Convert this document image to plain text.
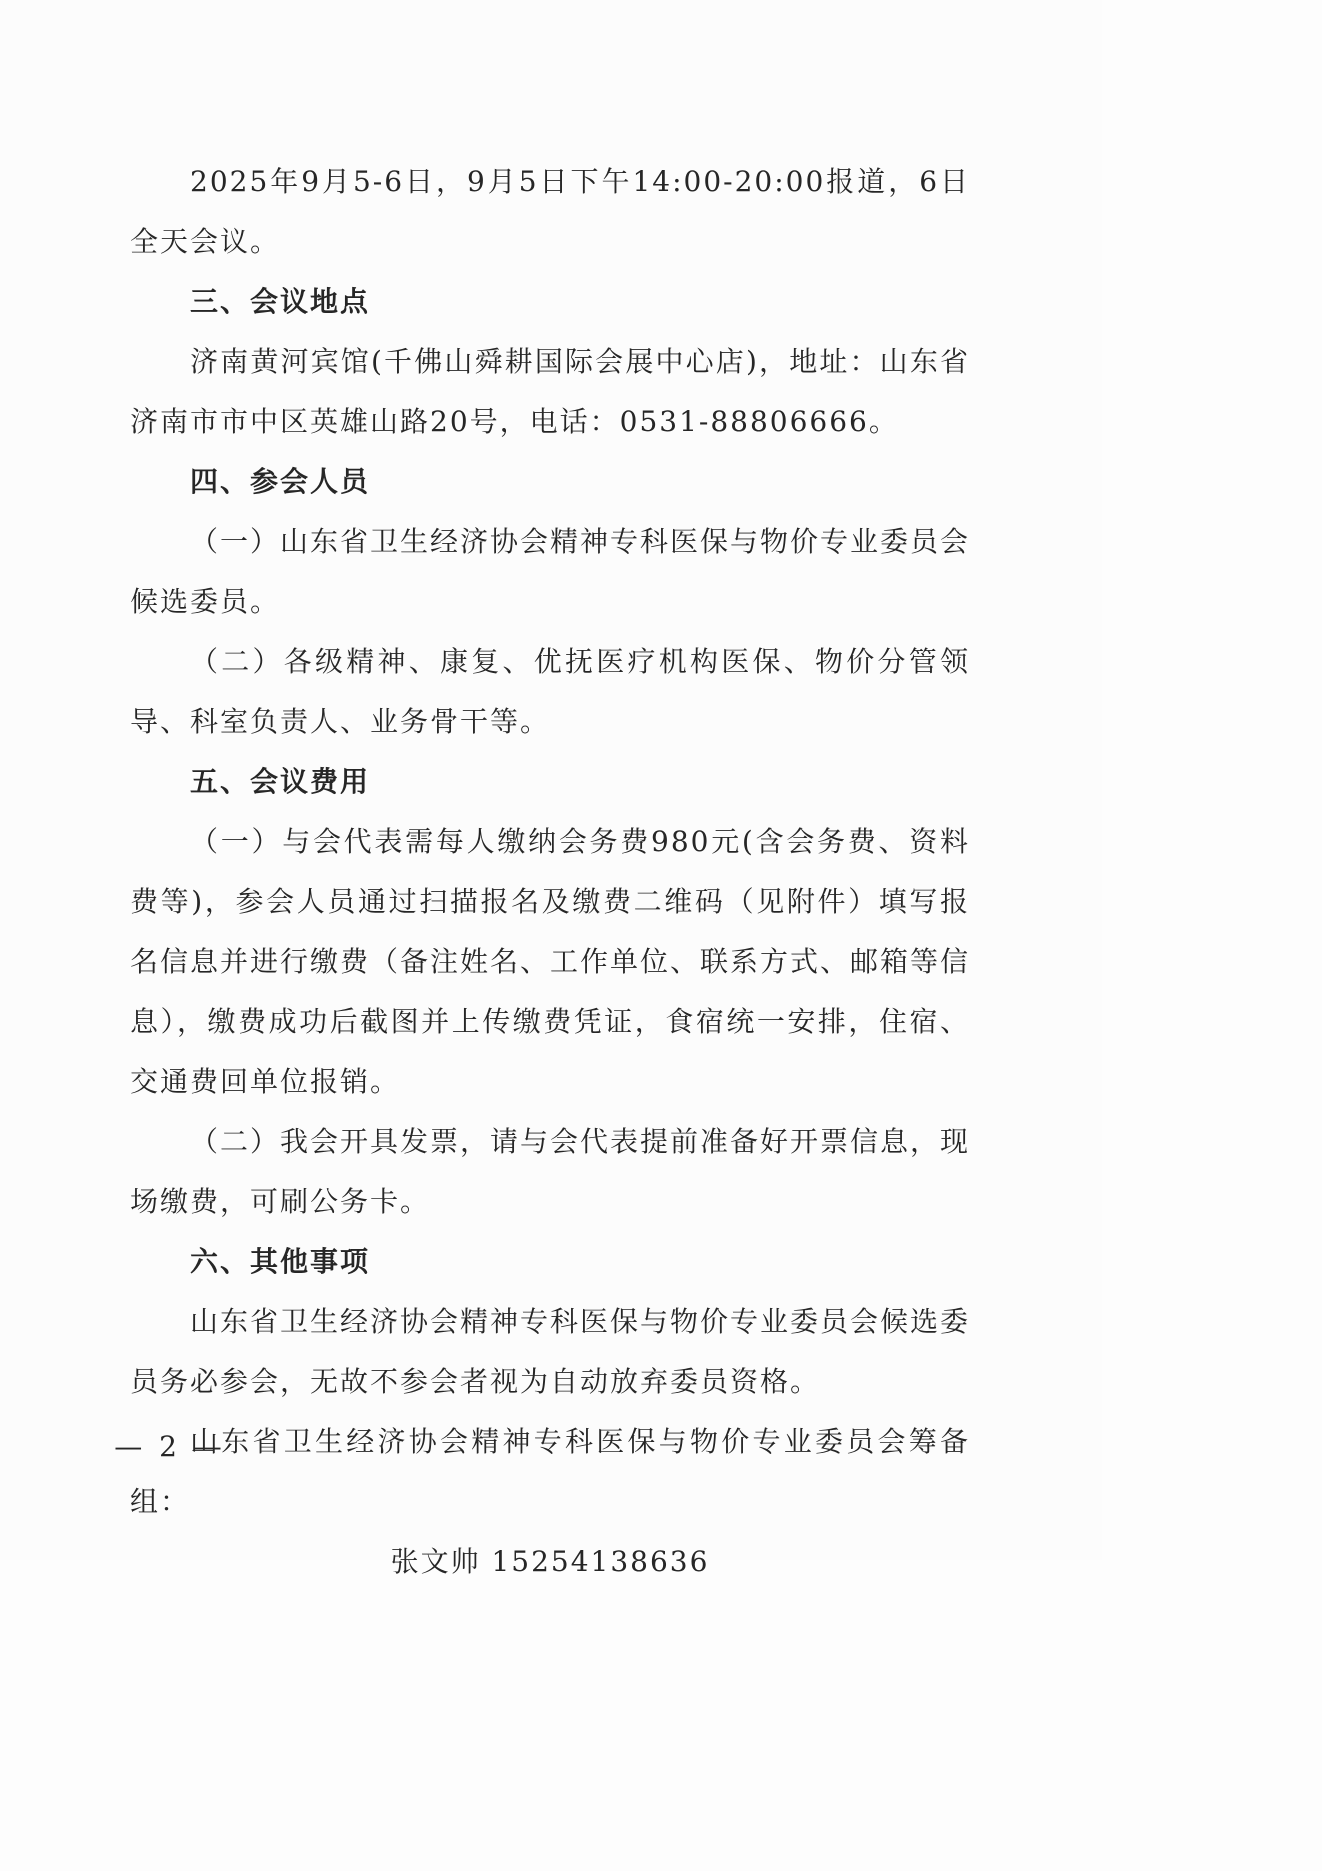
2025年9月5-6日，9月5日下午14:00-20:00报道，6日全天会议。

三、会议地点

济南黄河宾馆(千佛山舜耕国际会展中心店)，地址：山东省济南市市中区英雄山路20号，电话：0531-88806666。

四、参会人员

（一）山东省卫生经济协会精神专科医保与物价专业委员会候选委员。

（二）各级精神、康复、优抚医疗机构医保、物价分管领导、科室负责人、业务骨干等。

五、会议费用

（一）与会代表需每人缴纳会务费980元(含会务费、资料费等)，参会人员通过扫描报名及缴费二维码（见附件）填写报名信息并进行缴费（备注姓名、工作单位、联系方式、邮箱等信息），缴费成功后截图并上传缴费凭证，食宿统一安排，住宿、交通费回单位报销。

（二）我会开具发票，请与会代表提前准备好开票信息，现场缴费，可刷公务卡。

六、其他事项

山东省卫生经济协会精神专科医保与物价专业委员会候选委员务必参会，无故不参会者视为自动放弃委员资格。

山东省卫生经济协会精神专科医保与物价专业委员会筹备组：

张文帅 15254138636

— 2 —
